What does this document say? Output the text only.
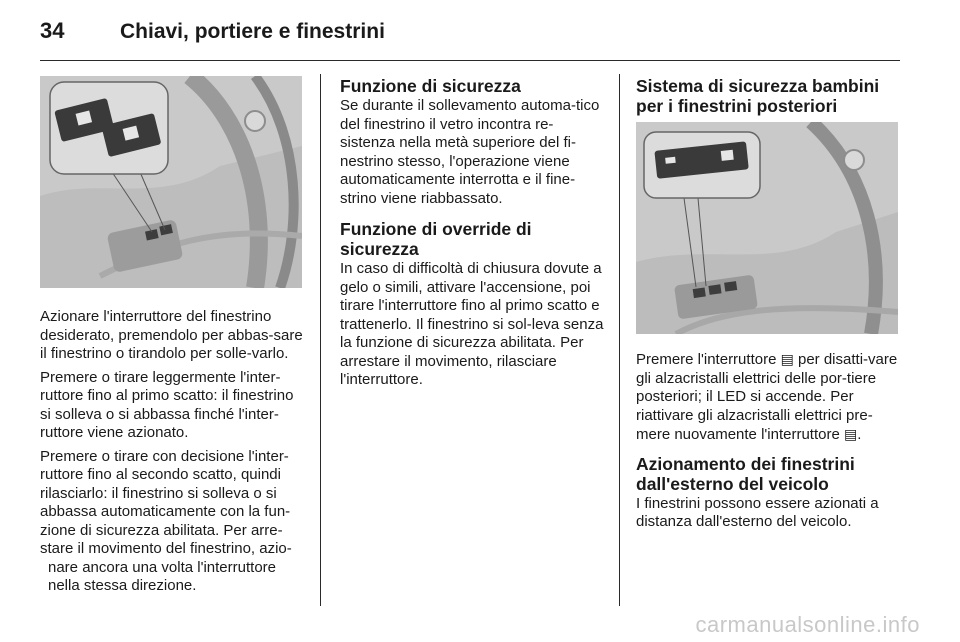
34	Chiavi, portiere e finestrini

Azionare l'interruttore del finestrino desiderato, premendolo per abbas-sare il finestrino o tirandolo per solle-varlo.

Premere o tirare leggermente l'inter-ruttore fino al primo scatto: il finestrino si solleva o si abbassa finché l'inter-ruttore viene azionato.

Premere o tirare con decisione l'inter-
ruttore fino al secondo scatto, quindi
rilasciarlo: il finestrino si solleva o si
abbassa automaticamente con la fun-
zione di sicurezza abilitata. Per arre-
stare il movimento del finestrino, azio-
nare ancora una volta l'interruttore
nella stessa direzione.

Funzione di sicurezza

Se durante il sollevamento automa-tico del finestrino il vetro incontra re-sistenza nella metà superiore del fi-nestrino stesso, l'operazione viene automaticamente interrotta e il fine-strino viene riabbassato.

Funzione di override di sicurezza

In caso di difficoltà di chiusura dovute a gelo o simili, attivare l'accensione, poi tirare l'interruttore fino al primo scatto e trattenerlo. Il finestrino si sol-leva senza la funzione di sicurezza abilitata. Per arrestare il movimento, rilasciare l'interruttore.

Sistema di sicurezza bambini per i finestrini posteriori

Premere l'interruttore ▤ per disatti-vare gli alzacristalli elettrici delle por-tiere posteriori; il LED si accende. Per riattivare gli alzacristalli elettrici pre-mere nuovamente l'interruttore ▤.

Azionamento dei finestrini dall'esterno del veicolo

I finestrini possono essere azionati a distanza dall'esterno del veicolo.

carmanualsonline.info
